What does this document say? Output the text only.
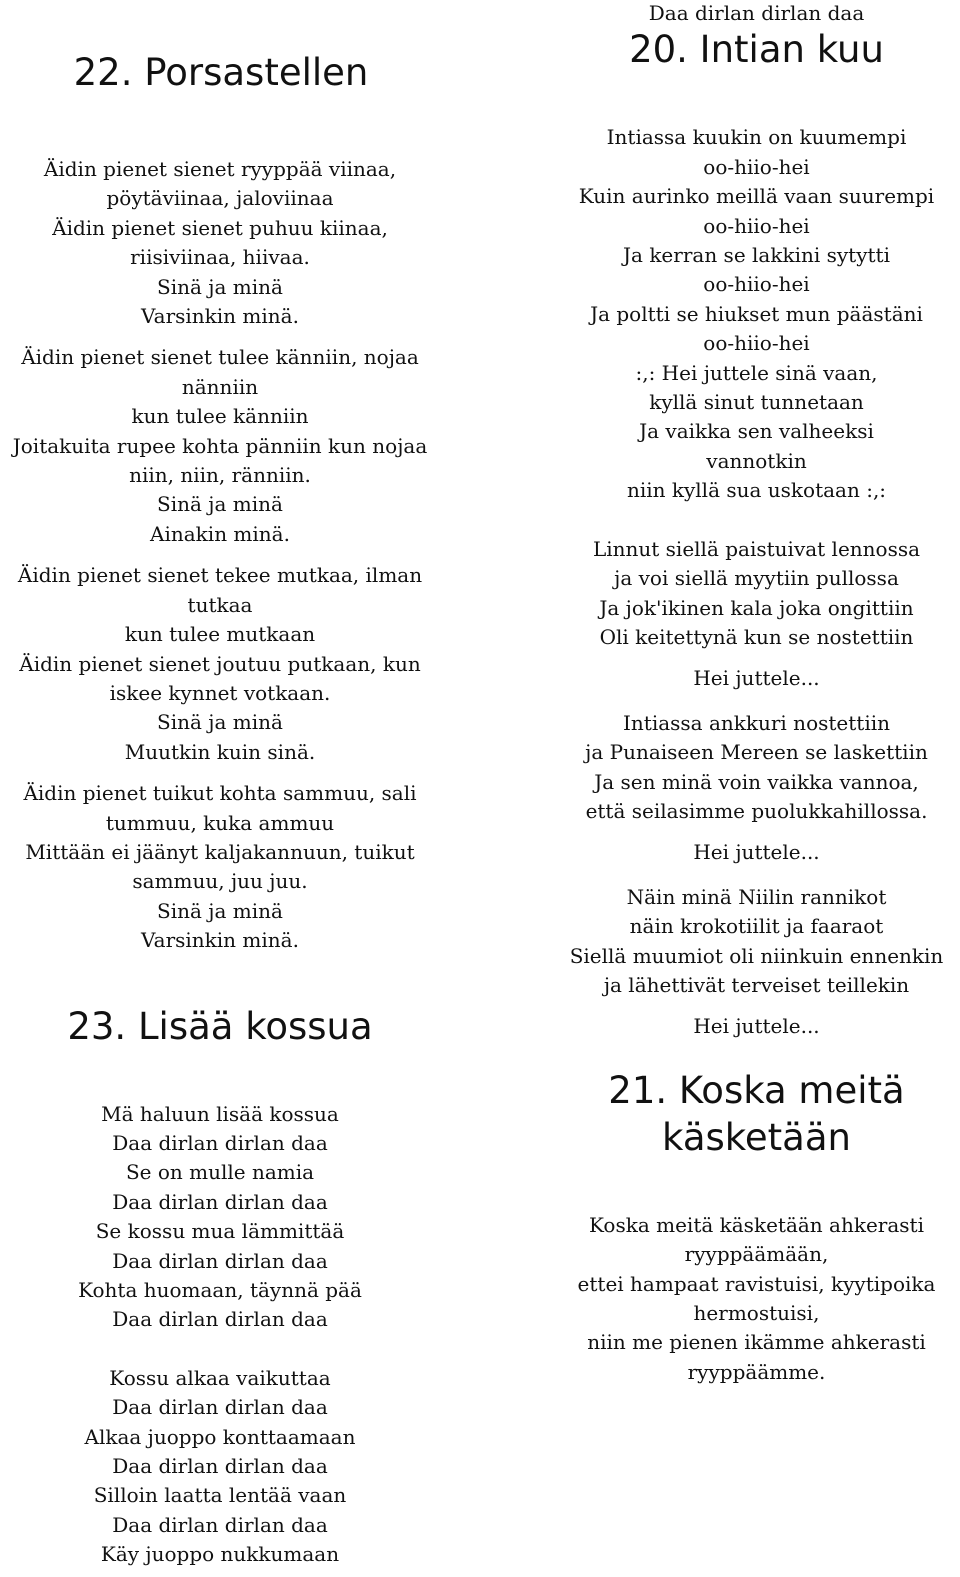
22. Porsastellen
Äidin pienet sienet ryyppää viinaa,
pöytäviinaa, jaloviinaa
Äidin pienet sienet puhuu kiinaa,
riisiviinaa, hiivaa.
Sinä ja minä
Varsinkin minä.
Äidin pienet sienet tulee känniin, nojaa
nänniin
kun tulee känniin
Joitakuita rupee kohta pänniin kun nojaa
niin, niin, ränniin.
Sinä ja minä
Ainakin minä.
Äidin pienet sienet tekee mutkaa, ilman
tutkaa
kun tulee mutkaan
Äidin pienet sienet joutuu putkaan, kun
iskee kynnet votkaan.
Sinä ja minä
Muutkin kuin sinä.
Äidin pienet tuikut kohta sammuu, sali
tummuu, kuka ammuu
Mittään ei jäänyt kaljakannuun, tuikut
sammuu, juu juu.
Sinä ja minä
Varsinkin minä.
23. Lisää kossua
Mä haluun lisää kossua
Daa dirlan dirlan daa
Se on mulle namia
Daa dirlan dirlan daa
Se kossu mua lämmittää
Daa dirlan dirlan daa
Kohta huomaan, täynnä pää
Daa dirlan dirlan daa
Kossu alkaa vaikuttaa
Daa dirlan dirlan daa
Alkaa juoppo konttaamaan
Daa dirlan dirlan daa
Silloin laatta lentää vaan
Daa dirlan dirlan daa
Käy juoppo nukkumaan
Daa dirlan dirlan daa
20. Intian kuu
Intiassa kuukin on kuumempi
oo-hiio-hei
Kuin aurinko meillä vaan suurempi
oo-hiio-hei
Ja kerran se lakkini sytytti
oo-hiio-hei
Ja poltti se hiukset mun päästäni
oo-hiio-hei
:,: Hei juttele sinä vaan,
kyllä sinut tunnetaan
Ja vaikka sen valheeksi
vannotkin
niin kyllä sua uskotaan :,:
Linnut siellä paistuivat lennossa
ja voi siellä myytiin pullossa
Ja jok'ikinen kala joka ongittiin
Oli keitettynä kun se nostettiin
Hei juttele...
Intiassa ankkuri nostettiin
ja Punaiseen Mereen se laskettiin
Ja sen minä voin vaikka vannoa,
että seilasimme puolukkahillossa.
Hei juttele...
Näin minä Niilin rannikot
näin krokotiilit ja faaraot
Siellä muumiot oli niinkuin ennenkin
ja lähettivät terveiset teillekin
Hei juttele...
21. Koska meitä
käsketään
Koska meitä käsketään ahkerasti
ryyppäämään,
ettei hampaat ravistuisi, kyytipoika
hermostuisi,
niin me pienen ikämme ahkerasti
ryyppäämme.
